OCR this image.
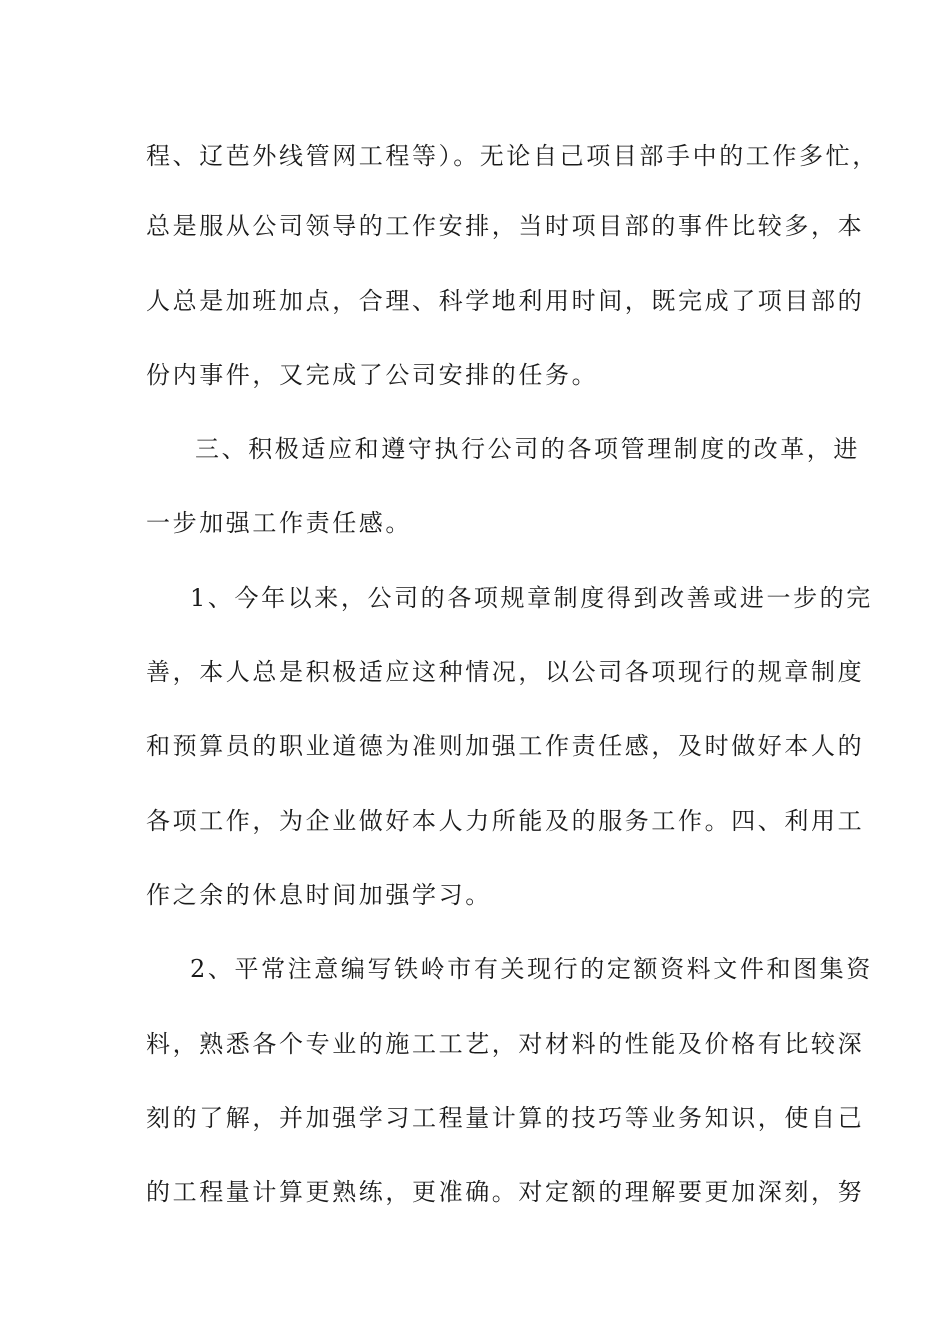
程、辽芭外线管网工程等）。无论自己项目部手中的工作多忙，
总是服从公司领导的工作安排，当时项目部的事件比较多，本
人总是加班加点，合理、科学地利用时间，既完成了项目部的
份内事件，又完成了公司安排的任务。
三、积极适应和遵守执行公司的各项管理制度的改革，进
一步加强工作责任感。
1、今年以来，公司的各项规章制度得到改善或进一步的完
善，本人总是积极适应这种情况，以公司各项现行的规章制度
和预算员的职业道德为准则加强工作责任感，及时做好本人的
各项工作，为企业做好本人力所能及的服务工作。四、利用工
作之余的休息时间加强学习。
2、平常注意编写铁岭市有关现行的定额资料文件和图集资
料，熟悉各个专业的施工工艺，对材料的性能及价格有比较深
刻的了解，并加强学习工程量计算的技巧等业务知识，使自己
的工程量计算更熟练，更准确。对定额的理解要更加深刻，努
